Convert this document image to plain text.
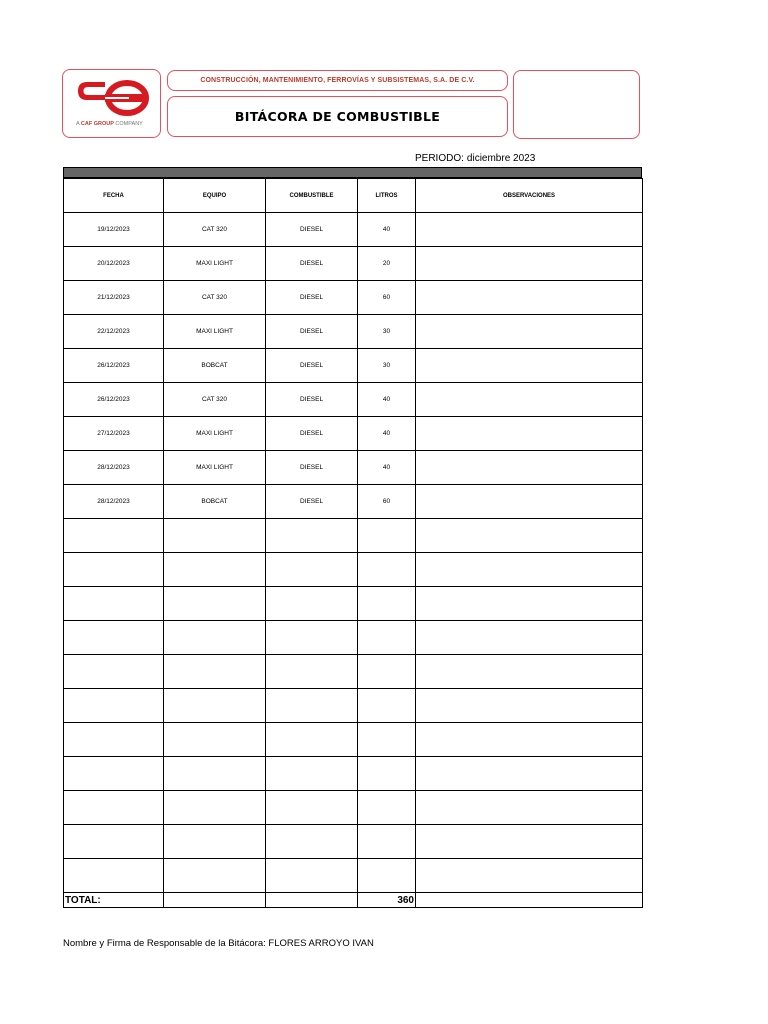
A CAF GROUP COMPANY
CONSTRUCCIÓN, MANTENIMIENTO, FERROVÍAS Y SUBSISTEMAS, S.A. DE C.V.
BITÁCORA DE COMBUSTIBLE
PERIODO: diciembre 2023
FECHA	EQUIPO	COMBUSTIBLE	LITROS	OBSERVACIONES
19/12/2023	CAT 320	DIESEL	40	
20/12/2023	MAXI LIGHT	DIESEL	20	
21/12/2023	CAT 320	DIESEL	60	
22/12/2023	MAXI LIGHT	DIESEL	30	
26/12/2023	BOBCAT	DIESEL	30	
26/12/2023	CAT 320	DIESEL	40	
27/12/2023	MAXI LIGHT	DIESEL	40	
28/12/2023	MAXI LIGHT	DIESEL	40	
28/12/2023	BOBCAT	DIESEL	60	

TOTAL:			360	
Nombre y Firma de Responsable de la Bitácora: FLORES ARROYO IVAN
